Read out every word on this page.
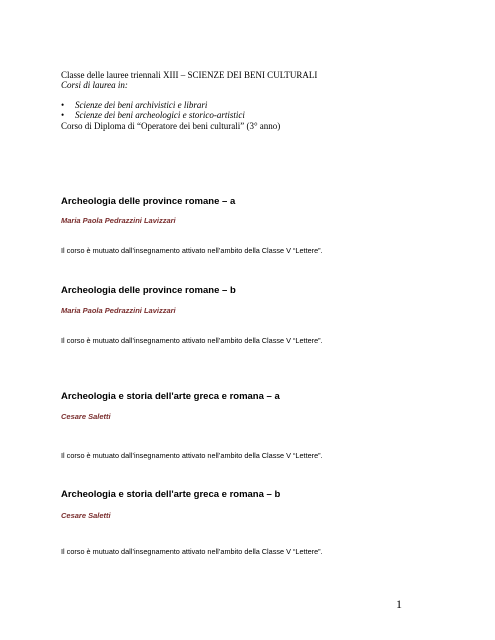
Classe delle lauree triennali XIII – SCIENZE DEI BENI CULTURALI
Corsi di laurea in:
• Scienze dei beni archivistici e librari
• Scienze dei beni archeologici e storico-artistici
Corso di Diploma di “Operatore dei beni culturali” (3° anno)
Archeologia delle province romane – a
Maria Paola Pedrazzini Lavizzari
Il corso è mutuato dall’insegnamento attivato nell’ambito della Classe V “Lettere”.
Archeologia delle province romane – b
Maria Paola Pedrazzini Lavizzari
Il corso è mutuato dall’insegnamento attivato nell’ambito della Classe V “Lettere”.
Archeologia e storia dell'arte greca e romana – a
Cesare Saletti
Il corso è mutuato dall’insegnamento attivato nell’ambito della Classe V “Lettere”.
Archeologia e storia dell'arte greca e romana – b
Cesare Saletti
Il corso è mutuato dall’insegnamento attivato nell’ambito della Classe V “Lettere”.
1
